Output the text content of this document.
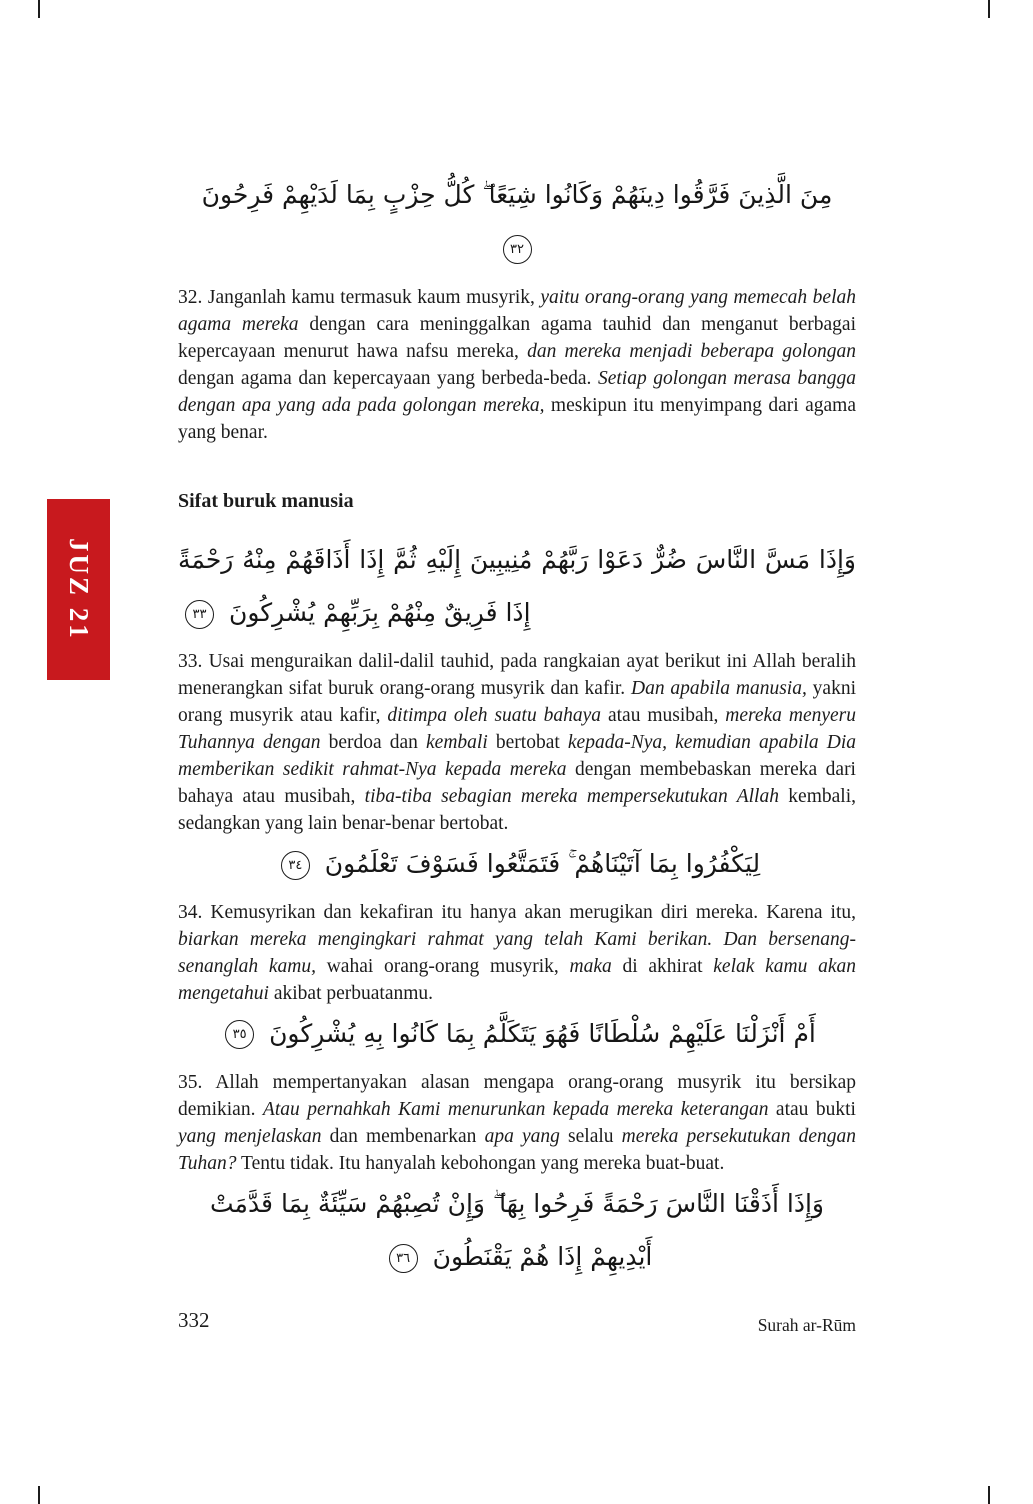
JUZ 21
مِنَ الَّذِينَ فَرَّقُوا دِينَهُمْ وَكَانُوا شِيَعًا ۖ كُلُّ حِزْبٍ بِمَا لَدَيْهِمْ فَرِحُونَ ٣٢

32. Janganlah kamu termasuk kaum musyrik, yaitu orang-orang yang memecah belah agama mereka dengan cara meninggalkan agama tauhid dan menganut berbagai kepercayaan menurut hawa nafsu mereka, dan mereka menjadi beberapa golongan dengan agama dan kepercayaan yang berbeda-beda. Setiap golongan merasa bangga dengan apa yang ada pada golongan mereka, meskipun itu menyimpang dari agama yang benar.

Sifat buruk manusia
وَإِذَا مَسَّ النَّاسَ ضُرٌّ دَعَوْا رَبَّهُمْ مُنِيبِينَ إِلَيْهِ ثُمَّ إِذَا أَذَاقَهُمْ مِنْهُ رَحْمَةً إِذَا فَرِيقٌ مِنْهُمْ بِرَبِّهِمْ يُشْرِكُونَ ٣٣

33. Usai menguraikan dalil-dalil tauhid, pada rangkaian ayat berikut ini Allah beralih menerangkan sifat buruk orang-orang musyrik dan kafir. Dan apabila manusia, yakni orang musyrik atau kafir, ditimpa oleh suatu bahaya atau musibah, mereka menyeru Tuhannya dengan berdoa dan kembali bertobat kepada-Nya, kemudian apabila Dia memberikan sedikit rahmat-Nya kepada mereka dengan membebaskan mereka dari bahaya atau musibah, tiba-tiba sebagian mereka mempersekutukan Allah kembali, sedangkan yang lain benar-benar bertobat.

لِيَكْفُرُوا بِمَا آتَيْنَاهُمْ ۚ فَتَمَتَّعُوا فَسَوْفَ تَعْلَمُونَ ٣٤

34. Kemusyrikan dan kekafiran itu hanya akan merugikan diri mereka. Karena itu, biarkan mereka mengingkari rahmat yang telah Kami berikan. Dan bersenang-senanglah kamu, wahai orang-orang musyrik, maka di akhirat kelak kamu akan mengetahui akibat perbuatanmu.

أَمْ أَنْزَلْنَا عَلَيْهِمْ سُلْطَانًا فَهُوَ يَتَكَلَّمُ بِمَا كَانُوا بِهِ يُشْرِكُونَ ٣٥

35. Allah mempertanyakan alasan mengapa orang-orang musyrik itu bersikap demikian. Atau pernahkah Kami menurunkan kepada mereka keterangan atau bukti yang menjelaskan dan membenarkan apa yang selalu mereka persekutukan dengan Tuhan? Tentu tidak. Itu hanyalah kebohongan yang mereka buat-buat.

وَإِذَا أَذَقْنَا النَّاسَ رَحْمَةً فَرِحُوا بِهَا ۖ وَإِنْ تُصِبْهُمْ سَيِّئَةٌ بِمَا قَدَّمَتْ أَيْدِيهِمْ إِذَا هُمْ يَقْنَطُونَ ٣٦
332	Surah ar-Rūm
